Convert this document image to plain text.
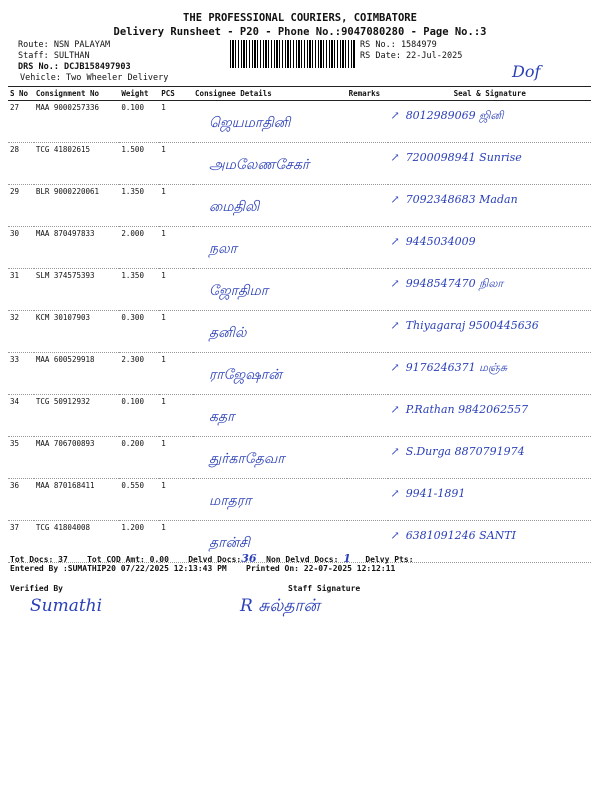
THE PROFESSIONAL COURIERS, COIMBATORE
Delivery Runsheet - P20 - Phone No.:9047080280 - Page No.:3
Route: NSN PALAYAM
Staff: SULTHAN
DRS No.: DCJB158497903
Vehicle: Two Wheeler Delivery
RS No.: 1584979
RS Date: 22-Jul-2025
Dof
S No	Consignment No	Weight	PCS	Consignee Details	Remarks	Seal & Signature
27	MAA 9000257336	0.100	1	ஜெயமாதினி		↗ 8012989069 ஜினி

28	TCG 41802615	1.500	1	அமலேணசேகர்		↗ 7200098941 Sunrise

29	BLR 9000220061	1.350	1	மைதிலி		↗ 7092348683 Madan

30	MAA 870497833	2.000	1	நலா		↗ 9445034009

31	SLM 374575393	1.350	1	ஜோதிமா		↗ 9948547470 நிலா

32	KCM 30107903	0.300	1	தனில்		↗ Thiyagaraj 9500445636

33	MAA 600529918	2.300	1	ராஜேஷான்		↗ 9176246371 மஞ்சு

34	TCG 50912932	0.100	1	கதா		↗ P.Rathan 9842062557

35	MAA 706700893	0.200	1	துர்காதேவா		↗ S.Durga 8870791974

36	MAA 870168411	0.550	1	மாதரா		↗ 9941-1891

37	TCG 41804008	1.200	1	தான்சி		↗ 6381091246 SANTI
Tot Docs: 37 Tot COD Amt: 0.00 Delvd Docs:36 Non Delvd Docs: 1 Delvy Pts:
Entered By :SUMATHIP20 07/22/2025 12:13:43 PM Printed On: 22-07-2025 12:12:11
Verified By
Sumathi
Staff Signature
R சுல்தான்
